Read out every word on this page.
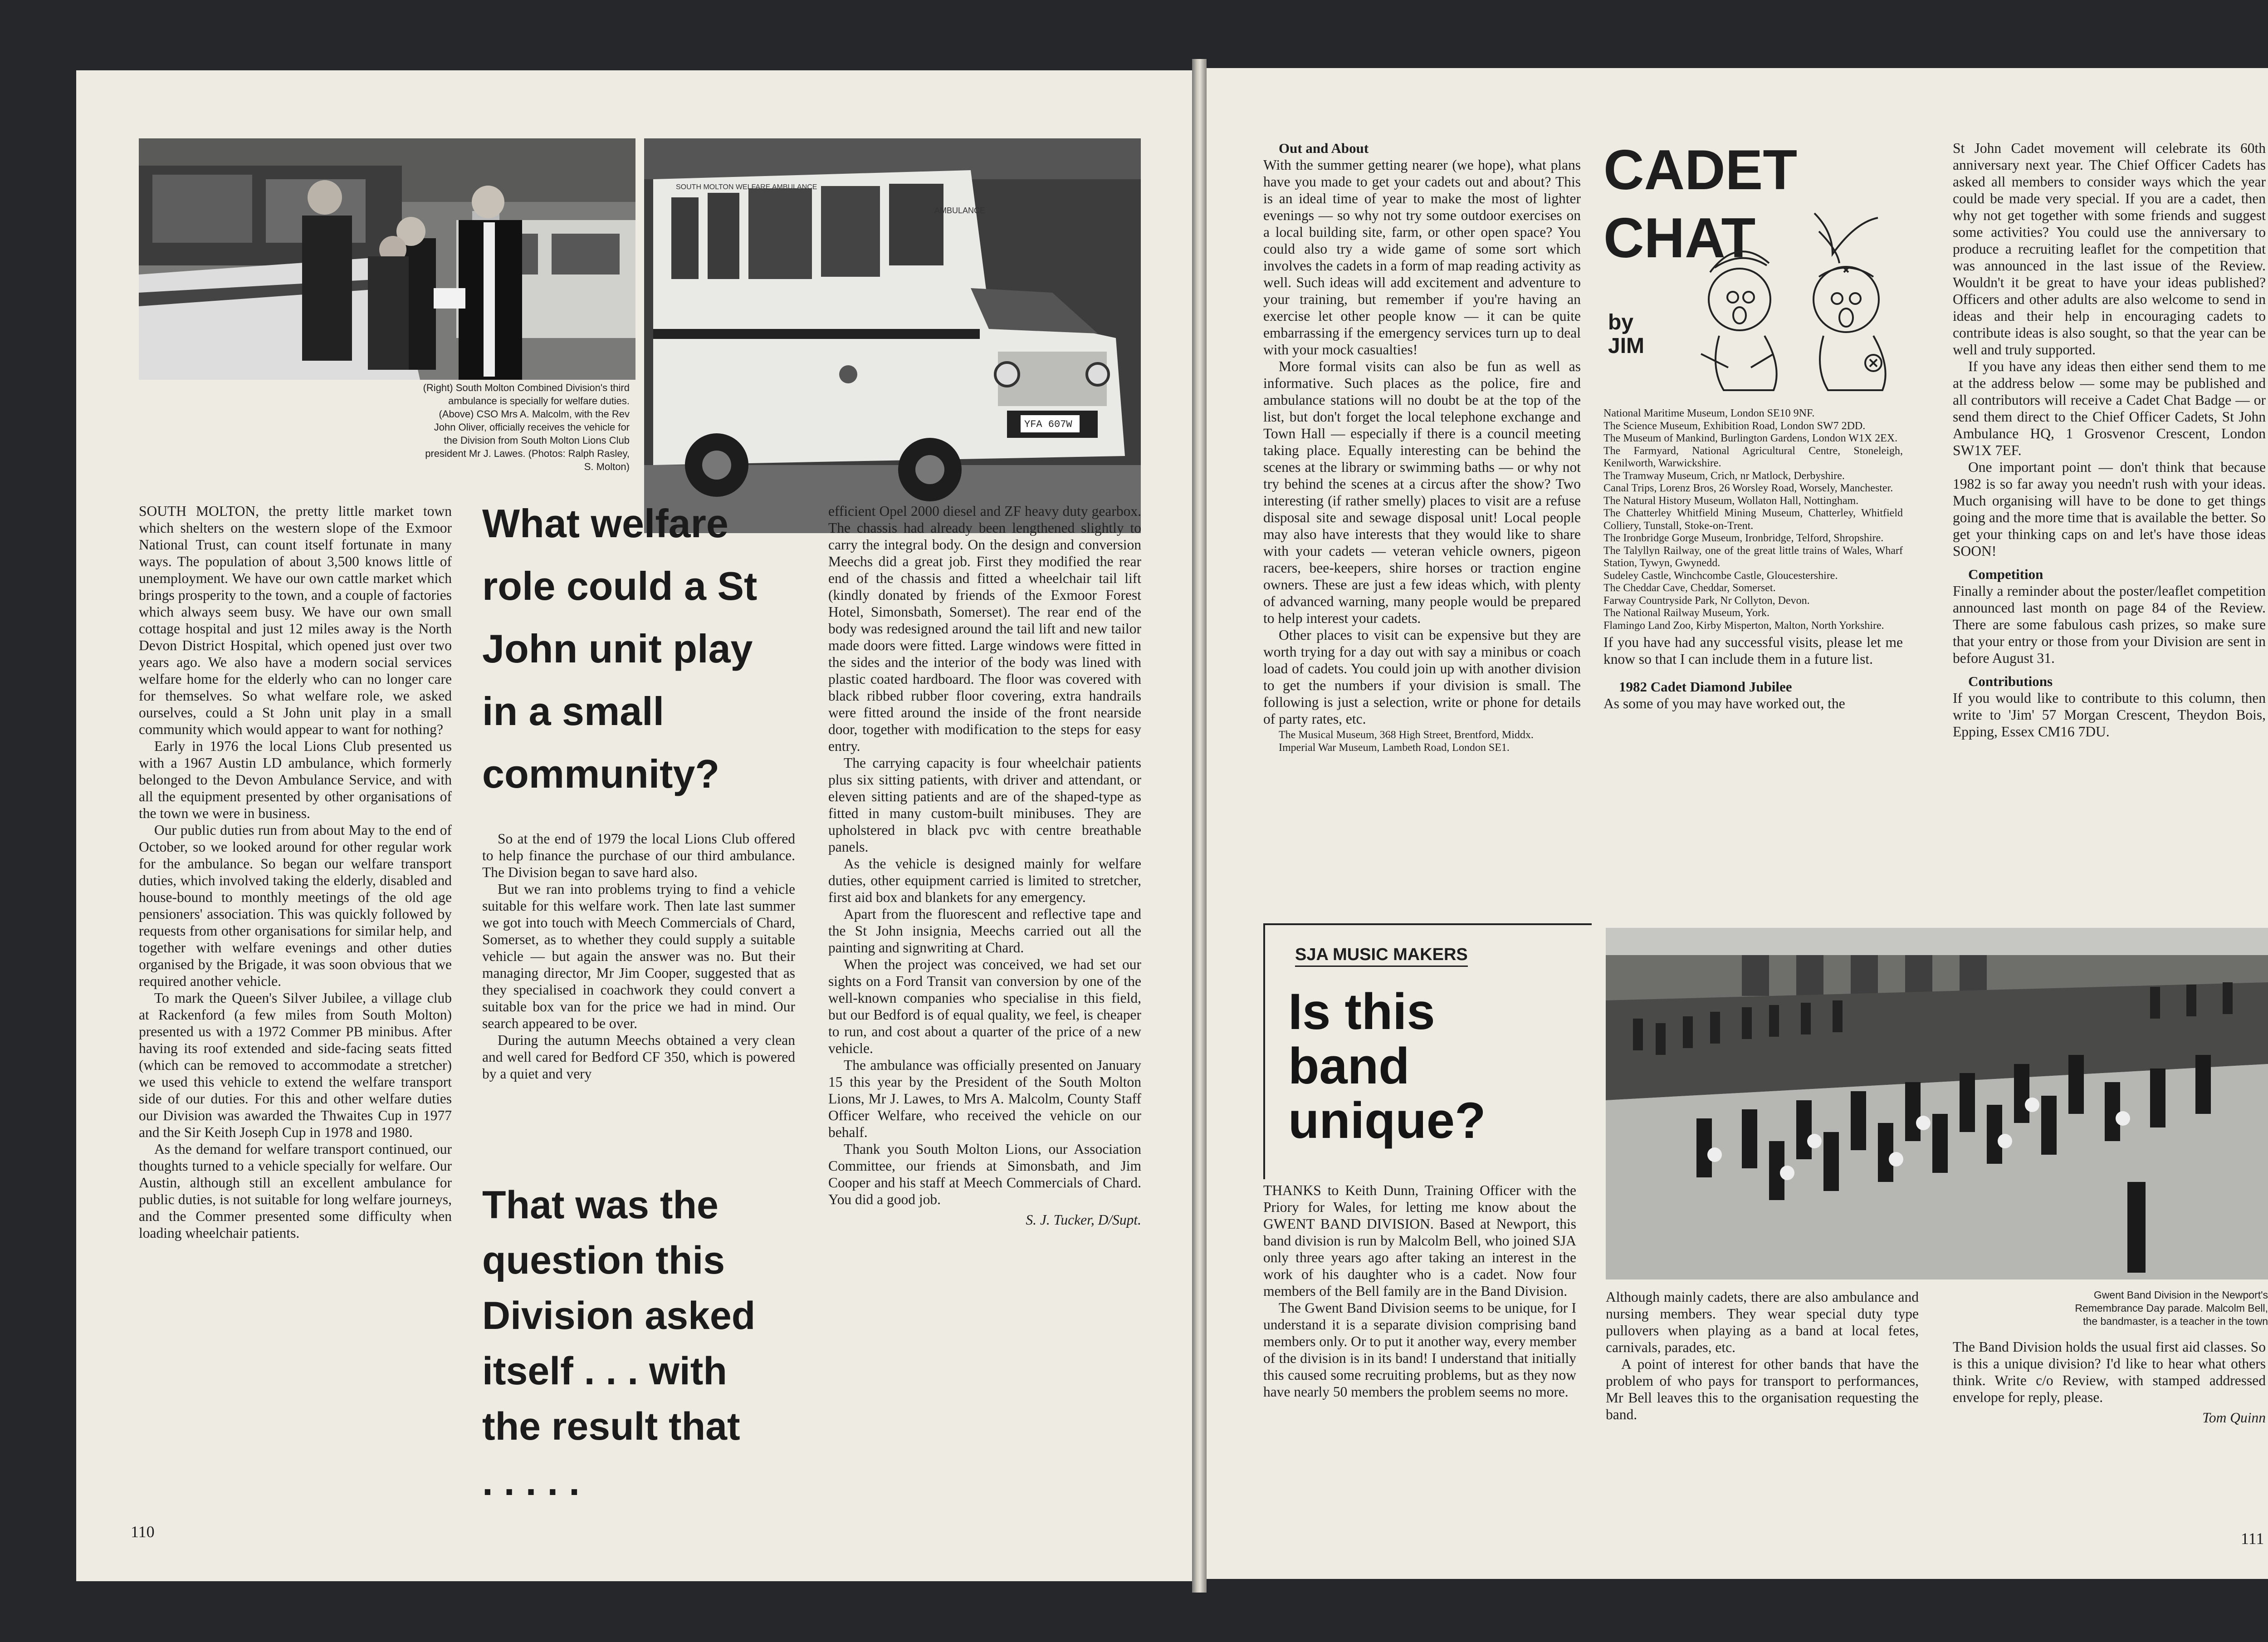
SOUTH MOLTON WELFARE AMBULANCE
AMBULANCE
YFA 607W
(Right) South Molton Combined Division's third
ambulance is specially for welfare duties.
(Above) CSO Mrs A. Malcolm, with the Rev
John Oliver, officially receives the vehicle for
the Division from South Molton Lions Club
president Mr J. Lawes. (Photos: Ralph Rasley,
S. Molton)

SOUTH MOLTON, the pretty little market town which shelters on the western slope of the Exmoor National Trust, can count itself fortunate in many ways. The population of about 3,500 knows little of unemployment. We have our own cattle market which brings prosperity to the town, and a couple of factories which always seem busy. We have our own small cottage hospital and just 12 miles away is the North Devon District Hospital, which opened just over two years ago. We also have a modern social services welfare home for the elderly who can no longer care for themselves. So what welfare role, we asked ourselves, could a St John unit play in a small community which would appear to want for nothing?

Early in 1976 the local Lions Club presented us with a 1967 Austin LD ambulance, which formerly belonged to the Devon Ambulance Service, and with all the equipment presented by other organisations of the town we were in business.

Our public duties run from about May to the end of October, so we looked around for other regular work for the ambulance. So began our welfare transport duties, which involved taking the elderly, disabled and house-bound to monthly meetings of the old age pensioners' association. This was quickly followed by requests from other organisations for similar help, and together with welfare evenings and other duties organised by the Brigade, it was soon obvious that we required another vehicle.

To mark the Queen's Silver Jubilee, a village club at Rackenford (a few miles from South Molton) presented us with a 1972 Commer PB minibus. After having its roof extended and side-facing seats fitted (which can be removed to accommodate a stretcher) we used this vehicle to extend the welfare transport side of our duties. For this and other welfare duties our Division was awarded the Thwaites Cup in 1977 and the Sir Keith Joseph Cup in 1978 and 1980.

As the demand for welfare transport continued, our thoughts turned to a vehicle specially for welfare. Our Austin, although still an excellent ambulance for public duties, is not suitable for long welfare journeys, and the Commer presented some difficulty when loading wheelchair patients.

What welfare
role could a St
John unit play
in a small
community?

So at the end of 1979 the local Lions Club offered to help finance the purchase of our third ambulance. The Division began to save hard also.

But we ran into problems trying to find a vehicle suitable for this welfare work. Then late last summer we got into touch with Meech Commercials of Chard, Somerset, as to whether they could supply a suitable vehicle — but again the answer was no. But their managing director, Mr Jim Cooper, suggested that as they specialised in coachwork they could convert a suitable box van for the price we had in mind. Our search appeared to be over.

During the autumn Meechs obtained a very clean and well cared for Bedford CF 350, which is powered by a quiet and very

That was the
question this
Division asked
itself . . . with
the result that
. . . . .

efficient Opel 2000 diesel and ZF heavy duty gearbox. The chassis had already been lengthened slightly to carry the integral body. On the design and conversion Meechs did a great job. First they modified the rear end of the chassis and fitted a wheelchair tail lift (kindly donated by friends of the Exmoor Forest Hotel, Simonsbath, Somerset). The rear end of the body was redesigned around the tail lift and new tailor made doors were fitted. Large windows were fitted in the sides and the interior of the body was lined with plastic coated hardboard. The floor was covered with black ribbed rubber floor covering, extra handrails were fitted around the inside of the front nearside door, together with modification to the steps for easy entry.

The carrying capacity is four wheelchair patients plus six sitting patients, with driver and attendant, or eleven sitting patients and are of the shaped-type as fitted in many custom-built minibuses. They are upholstered in black pvc with centre breathable panels.

As the vehicle is designed mainly for welfare duties, other equipment carried is limited to stretcher, first aid box and blankets for any emergency.

Apart from the fluorescent and reflective tape and the St John insignia, Meechs carried out all the painting and signwriting at Chard.

When the project was conceived, we had set our sights on a Ford Transit van conversion by one of the well-known companies who specialise in this field, but our Bedford is of equal quality, we feel, is cheaper to run, and cost about a quarter of the price of a new vehicle.

The ambulance was officially presented on January 15 this year by the President of the South Molton Lions, Mr J. Lawes, to Mrs A. Malcolm, County Staff Officer Welfare, who received the vehicle on our behalf.

Thank you South Molton Lions, our Association Committee, our friends at Simonsbath, and Jim Cooper and his staff at Meech Commercials of Chard. You did a good job.

S. J. Tucker, D/Supt.
110

Out and About

With the summer getting nearer (we hope), what plans have you made to get your cadets out and about? This is an ideal time of year to make the most of lighter evenings — so why not try some outdoor exercises on a local building site, farm, or other open space? You could also try a wide game of some sort which involves the cadets in a form of map reading activity as well. Such ideas will add excitement and adventure to your training, but remember if you're having an exercise let other people know — it can be quite embarrassing if the emergency services turn up to deal with your mock casualties!

More formal visits can also be fun as well as informative. Such places as the police, fire and ambulance stations will no doubt be at the top of the list, but don't forget the local telephone exchange and Town Hall — especially if there is a council meeting taking place. Equally interesting can be behind the scenes at the library or swimming baths — or why not try behind the scenes at a circus after the show? Two interesting (if rather smelly) places to visit are a refuse disposal site and sewage disposal unit! Local people may also have interests that they would like to share with your cadets — veteran vehicle owners, pigeon racers, bee-keepers, shire horses or traction engine owners. These are just a few ideas which, with plenty of advanced warning, many people would be prepared to help interest your cadets.

Other places to visit can be expensive but they are worth trying for a day out with say a minibus or coach load of cadets. You could join up with another division to get the numbers if your division is small. The following is just a selection, write or phone for details of party rates, etc.

The Musical Museum, 368 High Street, Brentford, Middx.

Imperial War Museum, Lambeth Road, London SE1.

CADET
CHAT
by
JIM

National Maritime Museum, London SE10 9NF.

The Science Museum, Exhibition Road, London SW7 2DD.

The Museum of Mankind, Burlington Gardens, London W1X 2EX.

The Farmyard, National Agricultural Centre, Stoneleigh, Kenilworth, Warwickshire.

The Tramway Museum, Crich, nr Matlock, Derbyshire.

Canal Trips, Lorenz Bros, 26 Worsley Road, Worsely, Manchester.

The Natural History Museum, Wollaton Hall, Nottingham.

The Chatterley Whitfield Mining Museum, Chatterley, Whitfield Colliery, Tunstall, Stoke-on-Trent.

The Ironbridge Gorge Museum, Ironbridge, Telford, Shropshire.

The Talyllyn Railway, one of the great little trains of Wales, Wharf Station, Tywyn, Gwynedd.

Sudeley Castle, Winchcombe Castle, Gloucestershire.

The Cheddar Cave, Cheddar, Somerset.

Farway Countryside Park, Nr Collyton, Devon.

The National Railway Museum, York.

Flamingo Land Zoo, Kirby Misperton, Malton, North Yorkshire.

If you have had any successful visits, please let me know so that I can include them in a future list.

1982 Cadet Diamond Jubilee

As some of you may have worked out, the

St John Cadet movement will celebrate its 60th anniversary next year. The Chief Officer Cadets has asked all members to consider ways which the year could be made very special. If you are a cadet, then why not get together with some friends and suggest some activities? You could use the anniversary to produce a recruiting leaflet for the competition that was announced in the last issue of the Review. Wouldn't it be great to have your ideas published? Officers and other adults are also welcome to send in ideas and their help in encouraging cadets to contribute ideas is also sought, so that the year can be well and truly supported.

If you have any ideas then either send them to me at the address below — some may be published and all contributors will receive a Cadet Chat Badge — or send them direct to the Chief Officer Cadets, St John Ambulance HQ, 1 Grosvenor Crescent, London SW1X 7EF.

One important point — don't think that because 1982 is so far away you needn't rush with your ideas. Much organising will have to be done to get things going and the more time that is available the better. So get your thinking caps on and let's have those ideas SOON!

Competition

Finally a reminder about the poster/leaflet competition announced last month on page 84 of the Review. There are some fabulous cash prizes, so make sure that your entry or those from your Division are sent in before August 31.

Contributions

If you would like to contribute to this column, then write to 'Jim' 57 Morgan Crescent, Theydon Bois, Epping, Essex CM16 7DU.

SJA MUSIC MAKERS
Is this
band
unique?

THANKS to Keith Dunn, Training Officer with the Priory for Wales, for letting me know about the GWENT BAND DIVISION. Based at Newport, this band division is run by Malcolm Bell, who joined SJA only three years ago after taking an interest in the work of his daughter who is a cadet. Now four members of the Bell family are in the Band Division.

The Gwent Band Division seems to be unique, for I understand it is a separate division comprising band members only. Or to put it another way, every member of the division is in its band! I understand that initially this caused some recruiting problems, but as they now have nearly 50 members the problem seems no more.

Although mainly cadets, there are also ambulance and nursing members. They wear special duty type pullovers when playing as a band at local fetes, carnivals, parades, etc.

A point of interest for other bands that have the problem of who pays for transport to performances, Mr Bell leaves this to the organisation requesting the band.

Gwent Band Division in the Newport's
Remembrance Day parade. Malcolm Bell,
the bandmaster, is a teacher in the town

The Band Division holds the usual first aid classes. So is this a unique division? I'd like to hear what others think. Write c/o Review, with stamped addressed envelope for reply, please.

Tom Quinn
111
